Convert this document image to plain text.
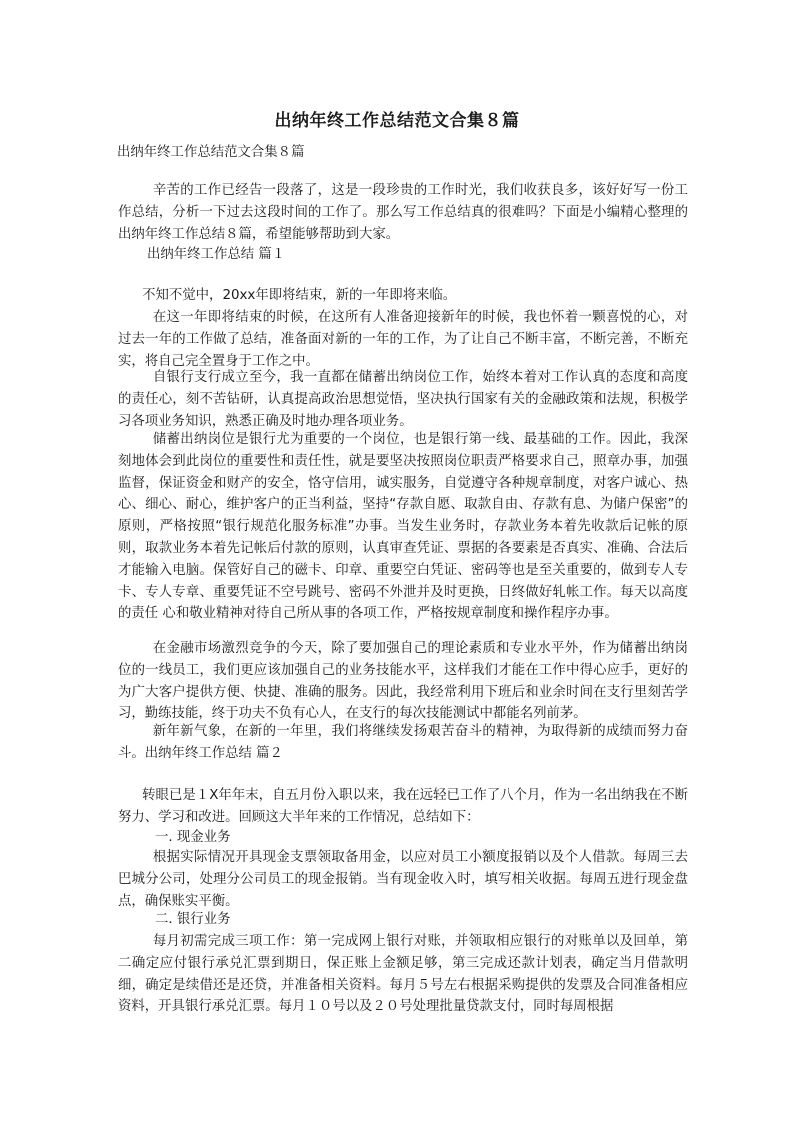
出纳年终工作总结范文合集８篇

出纳年终工作总结范文合集８篇

辛苦的工作已经告一段落了，这是一段珍贵的工作时光，我们收获良多，该好好写一份工作总结，分析一下过去这段时间的工作了。那么写工作总结真的很难吗？下面是小编精心整理的出纳年终工作总结８篇，希望能够帮助到大家。

出纳年终工作总结 篇１

不知不觉中，20xx年即将结束，新的一年即将来临。

在这一年即将结束的时候，在这所有人准备迎接新年的时候，我也怀着一颗喜悦的心，对过去一年的工作做了总结，准备面对新的一年的工作，为了让自己不断丰富，不断完善，不断充实，将自己完全置身于工作之中。

自银行支行成立至今，我一直都在储蓄出纳岗位工作，始终本着对工作认真的态度和高度的责任心，刻不苦钻研，认真提高政治思想觉悟，坚决执行国家有关的金融政策和法规，积极学习各项业务知识，熟悉正确及时地办理各项业务。

储蓄出纳岗位是银行尤为重要的一个岗位，也是银行第一线、最基础的工作。因此，我深刻地体会到此岗位的重要性和责任性，就是要坚决按照岗位职责严格要求自己，照章办事，加强监督，保证资金和财产的安全，恪守信用，诚实服务，自觉遵守各种规章制度，对客户诚心、热心、细心、耐心，维护客户的正当利益，坚持“存款自愿、取款自由、存款有息、为储户保密”的原则，严格按照“银行规范化服务标准”办事。当发生业务时，存款业务本着先收款后记帐的原则，取款业务本着先记帐后付款的原则，认真审查凭证、票据的各要素是否真实、准确、合法后才能输入电脑。保管好自己的磁卡、印章、重要空白凭证、密码等也是至关重要的，做到专人专卡、专人专章、重要凭证不空号跳号、密码不外泄并及时更换，日终做好轧帐工作。每天以高度的责任 心和敬业精神对待自己所从事的各项工作，严格按规章制度和操作程序办事。

在金融市场激烈竞争的今天，除了要加强自己的理论素质和专业水平外，作为储蓄出纳岗位的一线员工，我们更应该加强自己的业务技能水平，这样我们才能在工作中得心应手，更好的为广大客户提供方便、快捷、准确的服务。因此，我经常利用下班后和业余时间在支行里刻苦学习，勤练技能，终于功夫不负有心人，在支行的每次技能测试中都能名列前茅。

新年新气象，在新的一年里，我们将继续发扬艰苦奋斗的精神，为取得新的成绩而努力奋斗。出纳年终工作总结 篇２

转眼已是１X年年末，自五月份入职以来，我在远轻已工作了八个月，作为一名出纳我在不断努力、学习和改进。回顾这大半年来的工作情况，总结如下：

一. 现金业务

根据实际情况开具现金支票领取备用金，以应对员工小额度报销以及个人借款。每周三去巴城分公司，处理分公司员工的现金报销。当有现金收入时，填写相关收据。每周五进行现金盘点，确保账实平衡。

二. 银行业务

每月初需完成三项工作：第一完成网上银行对账，并领取相应银行的对账单以及回单，第二确定应付银行承兑汇票到期日，保正账上金额足够，第三完成还款计划表，确定当月借款明细，确定是续借还是还贷，并准备相关资料。每月５号左右根据采购提供的发票及合同准备相应资料，开具银行承兑汇票。每月１０号以及２０号处理批量贷款支付，同时每周根据
